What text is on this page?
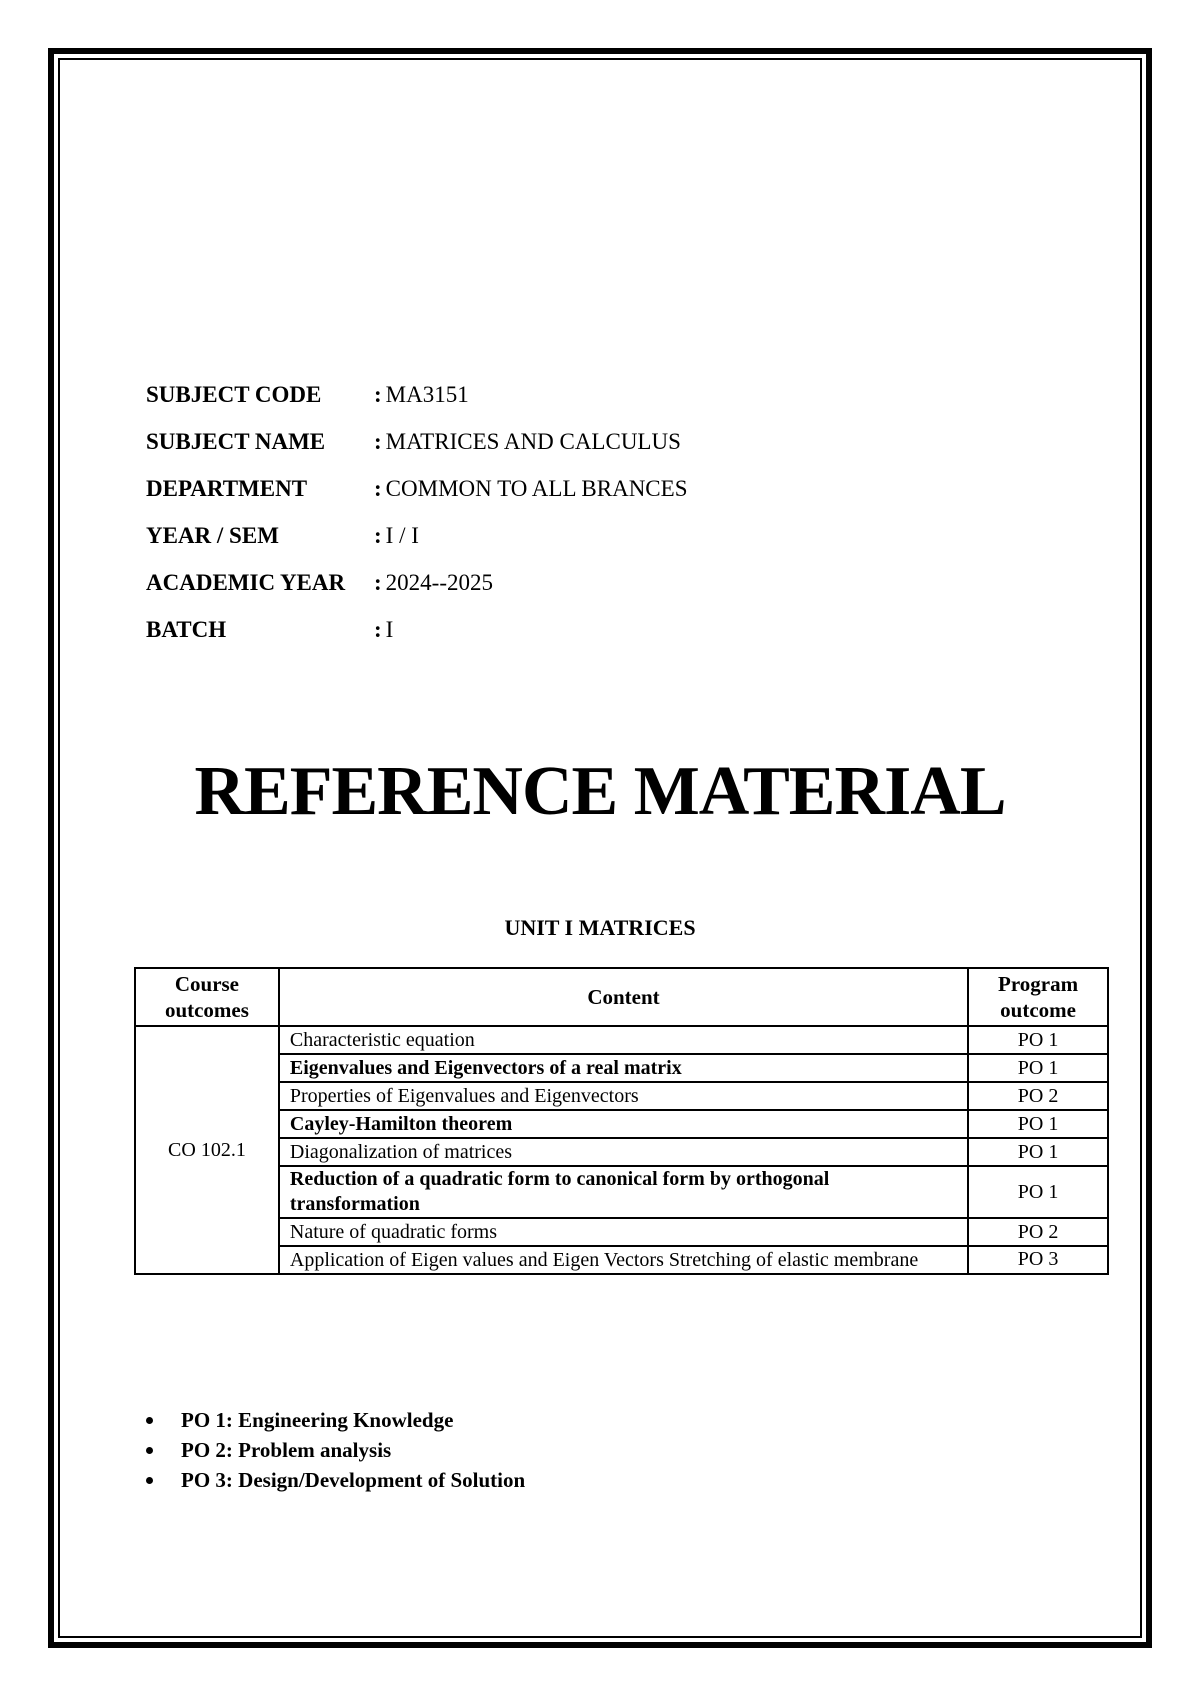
SUBJECT CODE	: MA3151
SUBJECT NAME	: MATRICES AND CALCULUS
DEPARTMENT	: COMMON TO ALL BRANCES
YEAR / SEM	: I / I
ACADEMIC YEAR	: 2024--2025
BATCH	: I
REFERENCE MATERIAL
UNIT I MATRICES
Course outcomes	Content	Program outcome
CO 102.1	Characteristic equation	PO 1
	Eigenvalues and Eigenvectors of a real matrix	PO 1
	Properties of Eigenvalues and Eigenvectors	PO 2
	Cayley-Hamilton theorem	PO 1
	Diagonalization of matrices	PO 1
	Reduction of a quadratic form to canonical form by orthogonal transformation	PO 1
	Nature of quadratic forms	PO 2
	Application of Eigen values and Eigen Vectors Stretching of elastic membrane	PO 3
PO 1: Engineering Knowledge
PO 2: Problem analysis
PO 3: Design/Development of Solution
